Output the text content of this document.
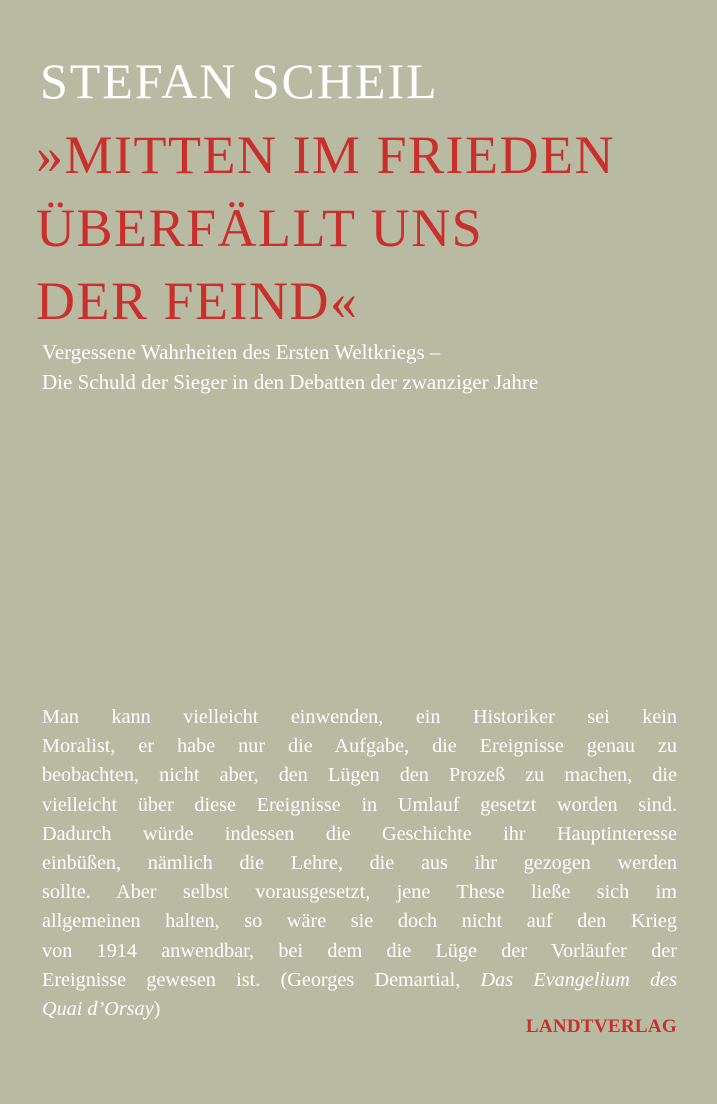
STEFAN SCHEIL
»MITTEN IM FRIEDEN
ÜBERFÄLLT UNS
DER FEIND«
Vergessene Wahrheiten des Ersten Weltkriegs –
Die Schuld der Sieger in den Debatten der zwanziger Jahre
Man kann vielleicht einwenden, ein Historiker sei kein
Moralist, er habe nur die Aufgabe, die Ereignisse genau zu
beobachten, nicht aber, den Lügen den Prozeß zu machen, die
vielleicht über diese Ereignisse in Umlauf gesetzt worden sind.
Dadurch würde indessen die Geschichte ihr Hauptinteresse
einbüßen, nämlich die Lehre, die aus ihr gezogen werden
sollte. Aber selbst vorausgesetzt, jene These ließe sich im
allgemeinen halten, so wäre sie doch nicht auf den Krieg
von 1914 anwendbar, bei dem die Lüge der Vorläufer der
Ereignisse gewesen ist. (Georges Demartial, Das Evangelium des
Quai d’Orsay)
LANDTVERLAG
